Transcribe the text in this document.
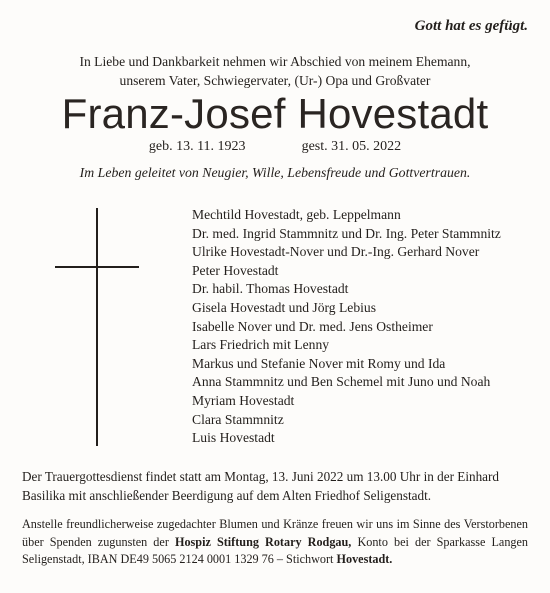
Gott hat es gefügt.
In Liebe und Dankbarkeit nehmen wir Abschied von meinem Ehemann,
unserem Vater, Schwiegervater, (Ur-) Opa und Großvater
Franz-Josef Hovestadt
geb. 13. 11. 1923	gest. 31. 05. 2022
Im Leben geleitet von Neugier, Wille, Lebensfreude und Gottvertrauen.
Mechtild Hovestadt, geb. Leppelmann
Dr. med. Ingrid Stammnitz und Dr. Ing. Peter Stammnitz
Ulrike Hovestadt-Nover und Dr.-Ing. Gerhard Nover
Peter Hovestadt
Dr. habil. Thomas Hovestadt
Gisela Hovestadt und Jörg Lebius
Isabelle Nover und Dr. med. Jens Ostheimer
Lars Friedrich mit Lenny
Markus und Stefanie Nover mit Romy und Ida
Anna Stammnitz und Ben Schemel mit Juno und Noah
Myriam Hovestadt
Clara Stammnitz
Luis Hovestadt
Der Trauergottesdienst findet statt am Montag, 13. Juni 2022 um 13.00 Uhr in der Einhard
Basilika mit anschließender Beerdigung auf dem Alten Friedhof Seligenstadt.
Anstelle freundlicherweise zugedachter Blumen und Kränze freuen wir uns im Sinne des Verstorbenen über Spenden zugunsten der Hospiz Stiftung Rotary Rodgau, Konto bei der Sparkasse Langen Seligenstadt, IBAN DE49 5065 2124 0001 1329 76 – Stichwort Hovestadt.
